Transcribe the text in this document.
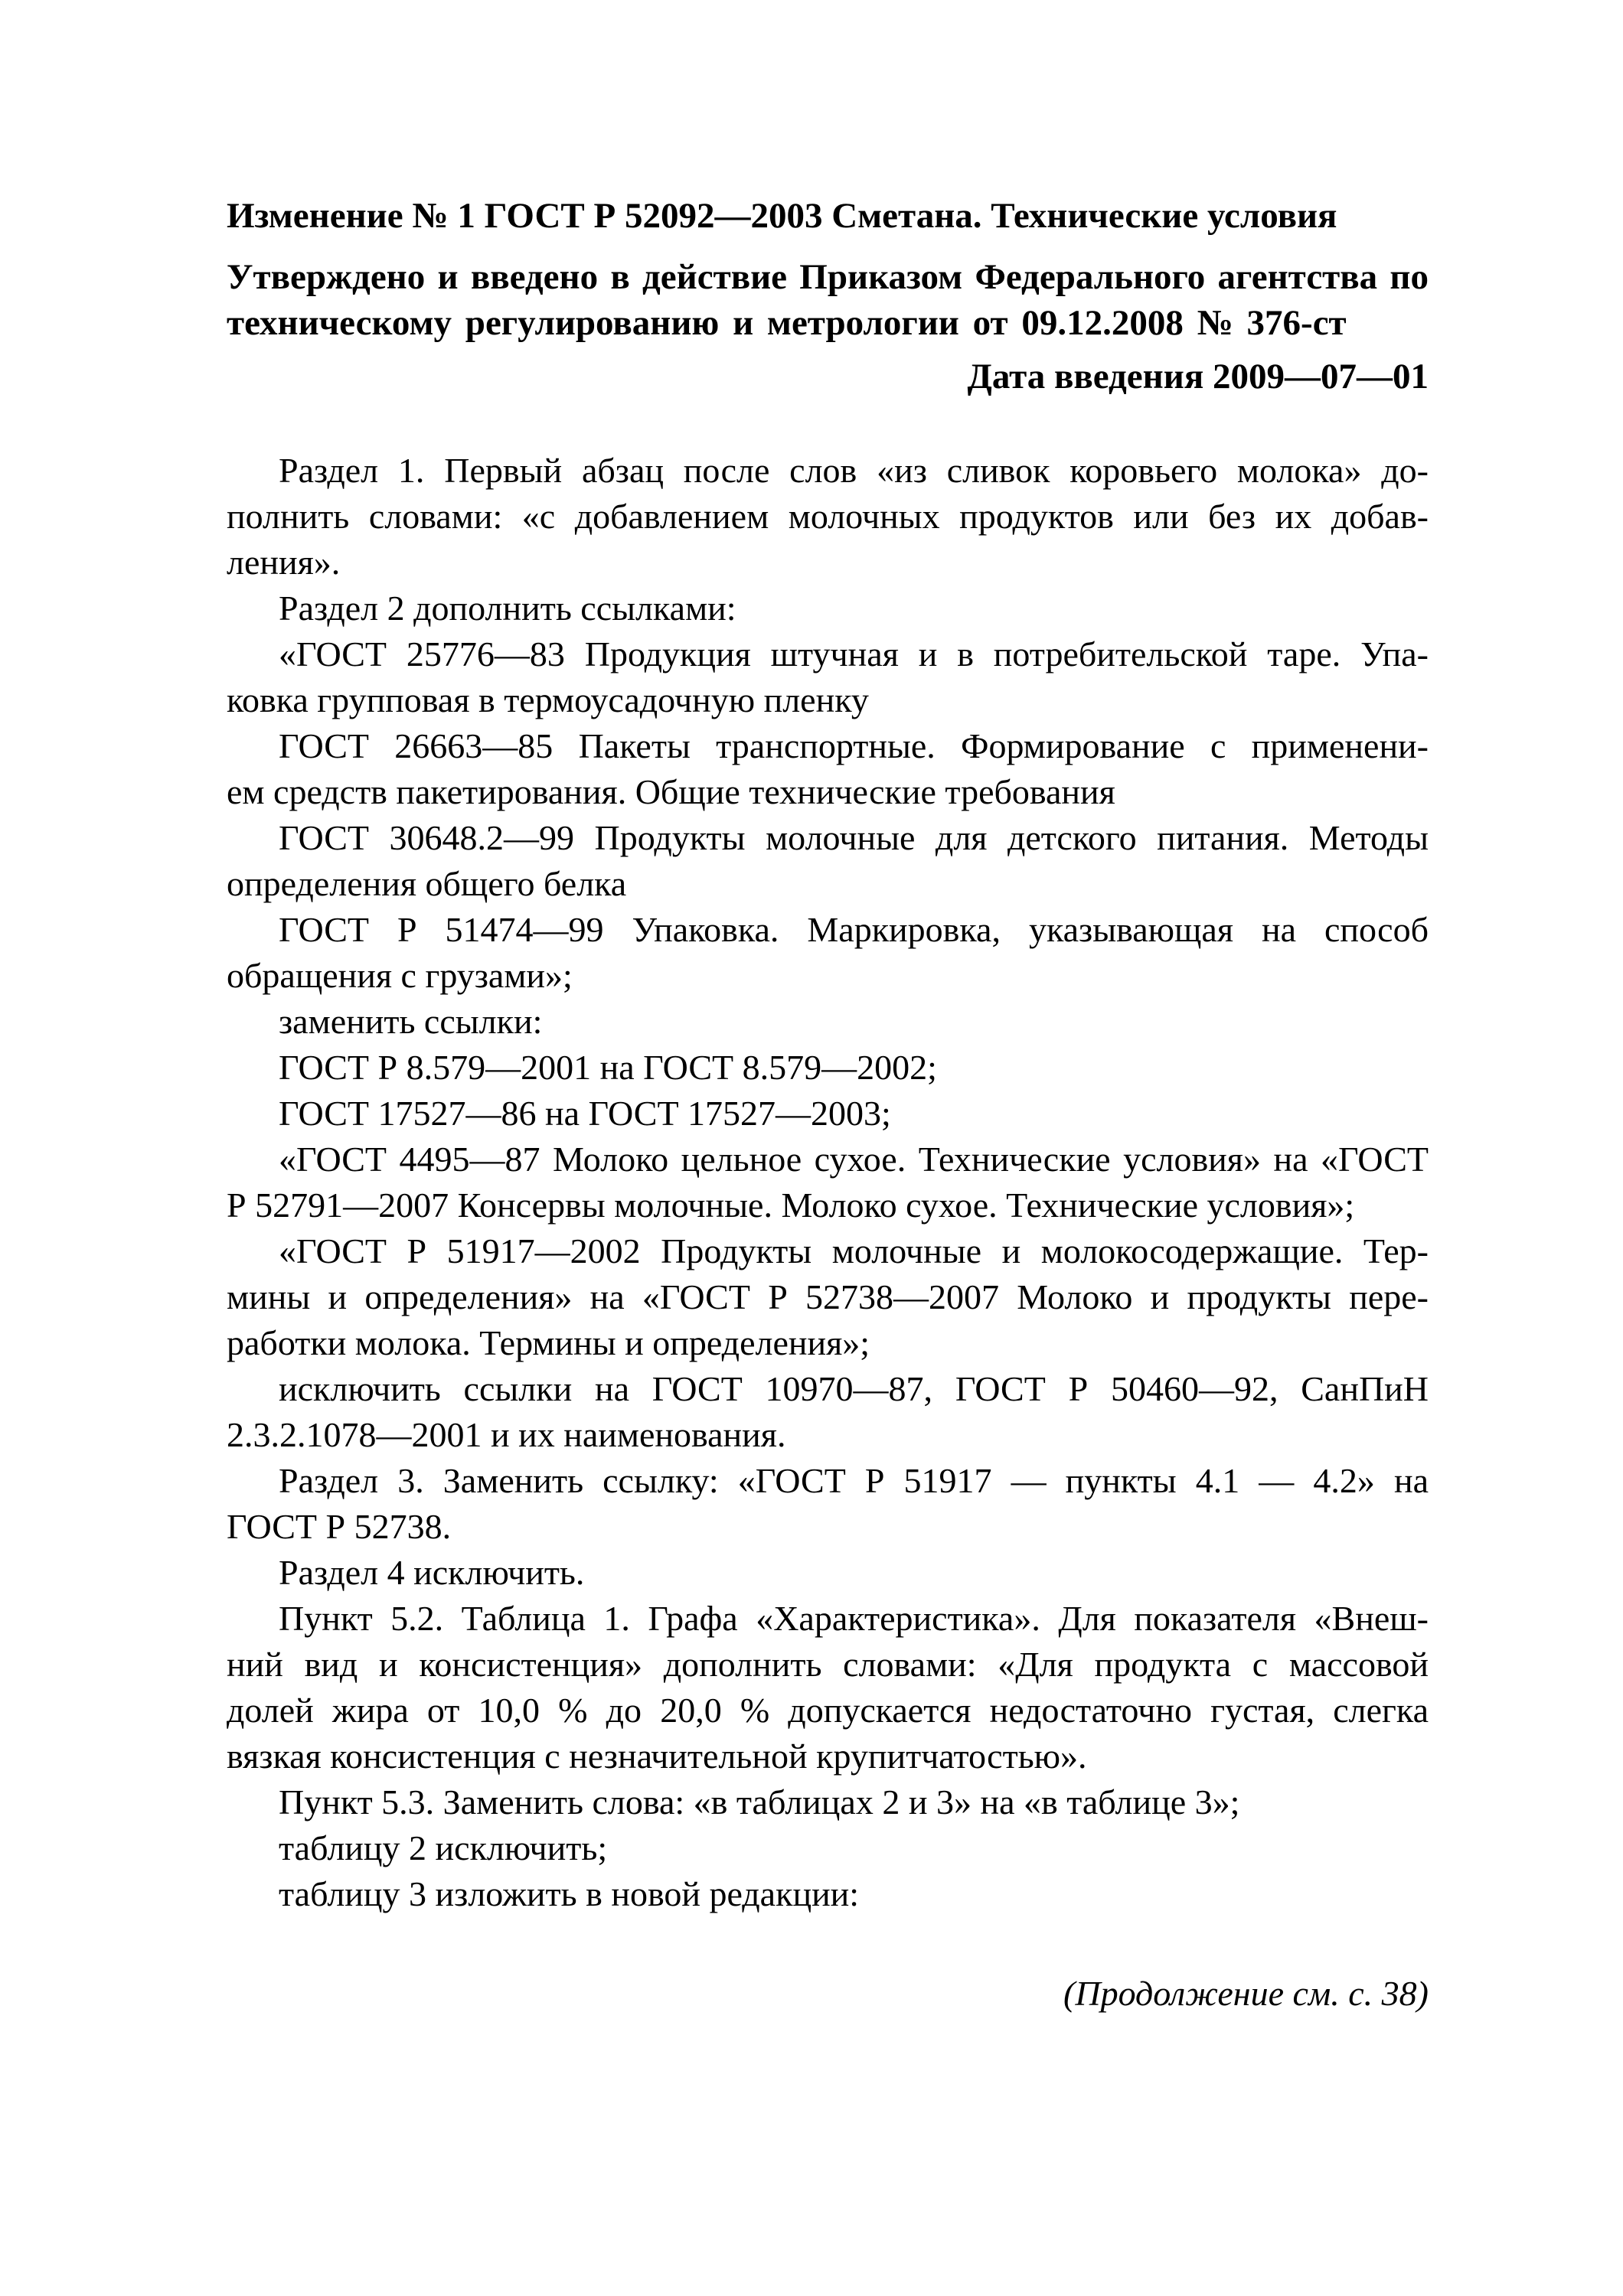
Изменение № 1 ГОСТ Р 52092—2003 Сметана. Технические условия
Утверждено и введено в действие Приказом Федерального агентства по
техническому регулированию и метрологии от 09.12.2008 № 376-ст
Дата введения 2009—07—01
Раздел 1. Первый абзац после слов «из сливок коровьего молока» до-
полнить словами: «с добавлением молочных продуктов или без их добав-
ления».
Раздел 2 дополнить ссылками:
«ГОСТ 25776—83 Продукция штучная и в потребительской таре. Упа-
ковка групповая в термоусадочную пленку
ГОСТ 26663—85 Пакеты транспортные. Формирование с применени-
ем средств пакетирования. Общие технические требования
ГОСТ 30648.2—99 Продукты молочные для детского питания. Методы
определения общего белка
ГОСТ Р 51474—99 Упаковка. Маркировка, указывающая на способ
обращения с грузами»;
заменить ссылки:
ГОСТ Р 8.579—2001 на ГОСТ 8.579—2002;
ГОСТ 17527—86 на ГОСТ 17527—2003;
«ГОСТ 4495—87 Молоко цельное сухое. Технические условия» на «ГОСТ
Р 52791—2007 Консервы молочные. Молоко сухое. Технические условия»;
«ГОСТ Р 51917—2002 Продукты молочные и молокосодержащие. Тер-
мины и определения» на «ГОСТ Р 52738—2007 Молоко и продукты пере-
работки молока. Термины и определения»;
исключить ссылки на ГОСТ 10970—87, ГОСТ Р 50460—92, СанПиН
2.3.2.1078—2001 и их наименования.
Раздел 3. Заменить ссылку: «ГОСТ Р 51917 — пункты 4.1 — 4.2» на
ГОСТ Р 52738.
Раздел 4 исключить.
Пункт 5.2. Таблица 1. Графа «Характеристика». Для показателя «Внеш-
ний вид и консистенция» дополнить словами: «Для продукта с массовой
долей жира от 10,0 % до 20,0 % допускается недостаточно густая, слегка
вязкая консистенция с незначительной крупитчатостью».
Пункт 5.3. Заменить слова: «в таблицах 2 и 3» на «в таблице 3»;
таблицу 2 исключить;
таблицу 3 изложить в новой редакции:
(Продолжение см. с. 38)
